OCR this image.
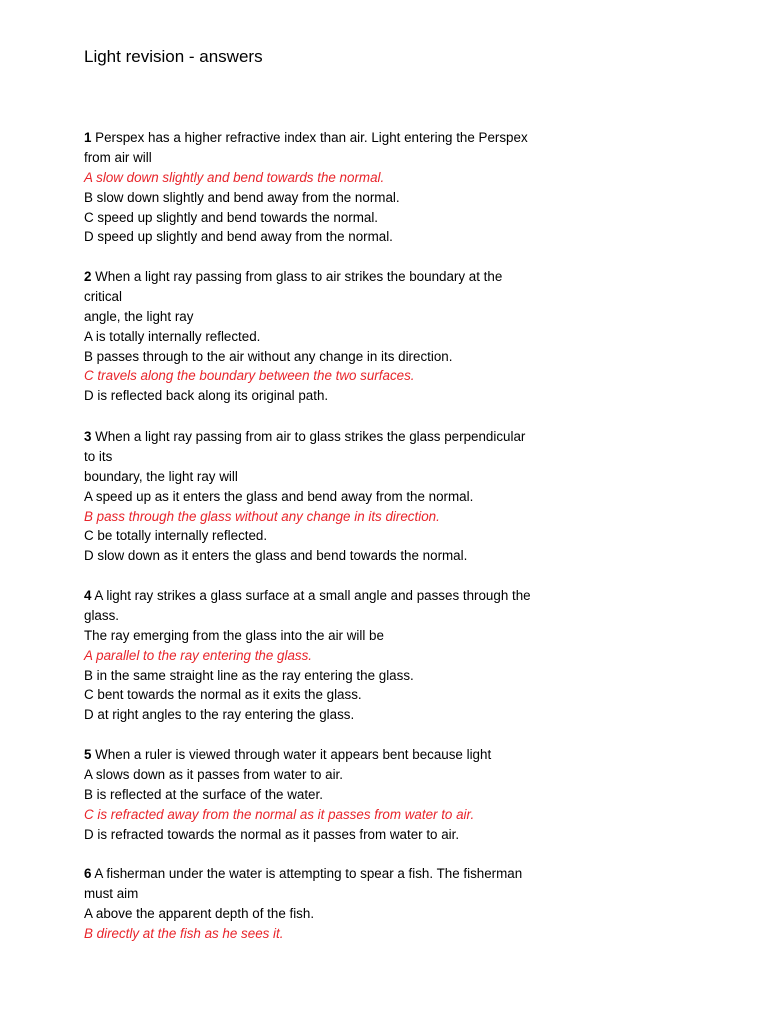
Light revision - answers
1 Perspex has a higher refractive index than air. Light entering the Perspex
from air will
A slow down slightly and bend towards the normal.
B slow down slightly and bend away from the normal.
C speed up slightly and bend towards the normal.
D speed up slightly and bend away from the normal.
2 When a light ray passing from glass to air strikes the boundary at the
critical
angle, the light ray
A is totally internally reflected.
B passes through to the air without any change in its direction.
C travels along the boundary between the two surfaces.
D is reflected back along its original path.
3 When a light ray passing from air to glass strikes the glass perpendicular
to its
boundary, the light ray will
A speed up as it enters the glass and bend away from the normal.
B pass through the glass without any change in its direction.
C be totally internally reflected.
D slow down as it enters the glass and bend towards the normal.
4 A light ray strikes a glass surface at a small angle and passes through the
glass.
The ray emerging from the glass into the air will be
A parallel to the ray entering the glass.
B in the same straight line as the ray entering the glass.
C bent towards the normal as it exits the glass.
D at right angles to the ray entering the glass.
5 When a ruler is viewed through water it appears bent because light
A slows down as it passes from water to air.
B is reflected at the surface of the water.
C is refracted away from the normal as it passes from water to air.
D is refracted towards the normal as it passes from water to air.
6 A fisherman under the water is attempting to spear a fish. The fisherman
must aim
A above the apparent depth of the fish.
B directly at the fish as he sees it.
